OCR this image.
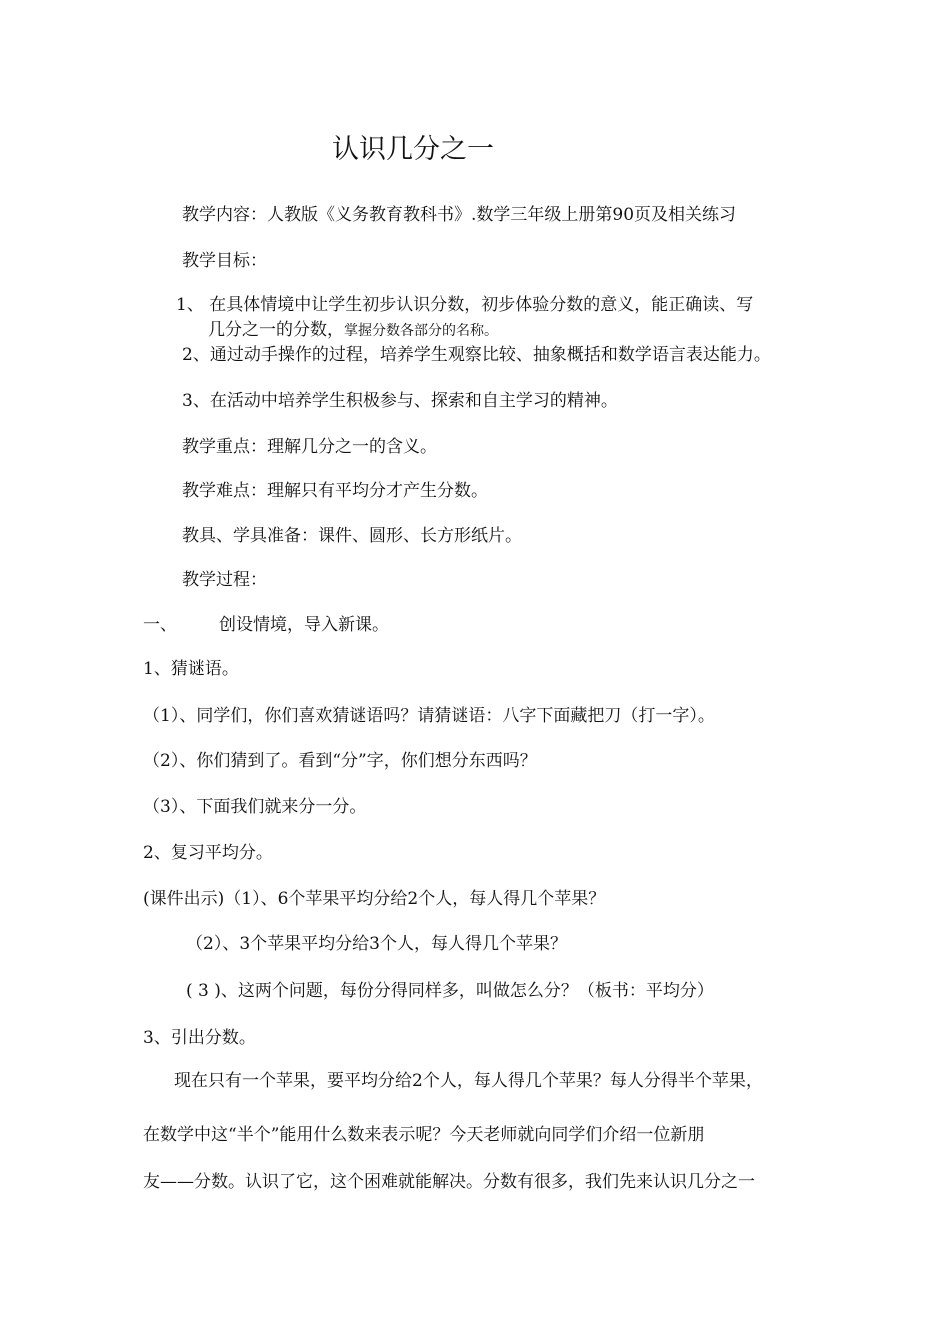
认识几分之一
教学内容：人教版《义务教育教科书》.数学三年级上册第90页及相关练习
教学目标：
1、 在具体情境中让学生初步认识分数，初步体验分数的意义，能正确读、写
几分之一的分数，掌握分数各部分的名称。
2、通过动手操作的过程，培养学生观察比较、抽象概括和数学语言表达能力。
3、在活动中培养学生积极参与、探索和自主学习的精神。
教学重点：理解几分之一的含义。
教学难点：理解只有平均分才产生分数。
教具、学具准备：课件、圆形、长方形纸片。
教学过程：
一、 创设情境，导入新课。
1、猜谜语。
（1）、同学们，你们喜欢猜谜语吗？请猜谜语：八字下面藏把刀（打一字）。
（2）、你们猜到了。看到“分”字，你们想分东西吗？
（3）、下面我们就来分一分。
2、复习平均分。
(课件出示)（1）、6个苹果平均分给2个人，每人得几个苹果？
（2）、3个苹果平均分给3个人，每人得几个苹果？
( 3 )、这两个问题，每份分得同样多，叫做怎么分？（板书：平均分）
3、引出分数。
现在只有一个苹果，要平均分给2个人，每人得几个苹果？每人分得半个苹果，
在数学中这“半个”能用什么数来表示呢？今天老师就向同学们介绍一位新朋
友——分数。认识了它，这个困难就能解决。分数有很多，我们先来认识几分之一
